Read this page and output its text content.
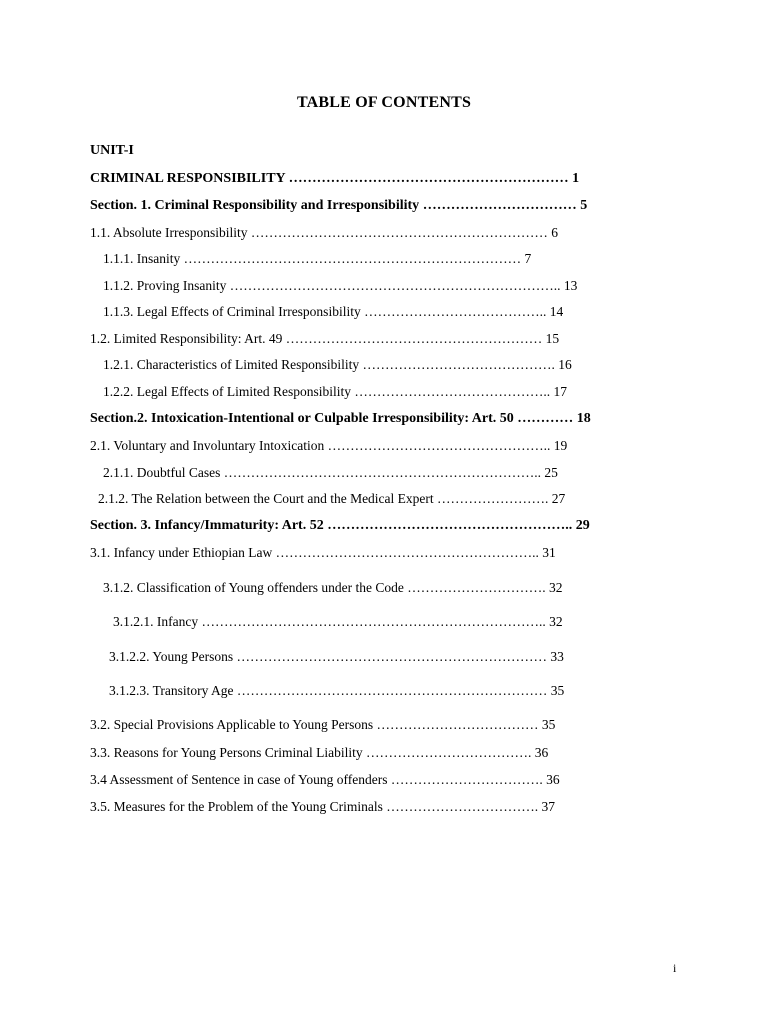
TABLE OF CONTENTS
UNIT-I
CRIMINAL RESPONSIBILITY …………………………………………………… 1
Section. 1. Criminal Responsibility and Irresponsibility …………………………… 5
1.1. Absolute Irresponsibility ………………………………………………………… 6
1.1.1. Insanity ………………………………………………………………… 7
1.1.2. Proving Insanity ……………………………………………………………….. 13
1.1.3. Legal Effects of Criminal Irresponsibility ………………………………….. 14
1.2. Limited Responsibility: Art. 49 ………………………………………………… 15
1.2.1. Characteristics of Limited Responsibility ……………………………………. 16
1.2.2. Legal Effects of Limited Responsibility …………………………………….. 17
Section.2. Intoxication-Intentional or Culpable Irresponsibility: Art. 50 ………… 18
2.1. Voluntary and Involuntary Intoxication ………………………………………….. 19
2.1.1. Doubtful Cases …………………………………………………………….. 25
2.1.2. The Relation between the Court and the Medical Expert ……………………. 27
Section. 3. Infancy/Immaturity: Art. 52 …………………………………………….. 29
3.1. Infancy under Ethiopian Law ………………………………………………….. 31
3.1.2. Classification of Young offenders under the Code …………………………. 32
3.1.2.1. Infancy ………………………………………………………………….. 32
3.1.2.2. Young Persons …………………………………………………………… 33
3.1.2.3. Transitory Age …………………………………………………………… 35
3.2. Special Provisions Applicable to Young Persons ……………………………… 35
3.3. Reasons for Young Persons Criminal Liability ………………………………. 36
3.4 Assessment of Sentence in case of Young offenders ……………………………. 36
3.5. Measures for the Problem of the Young Criminals ……………………………. 37
i
